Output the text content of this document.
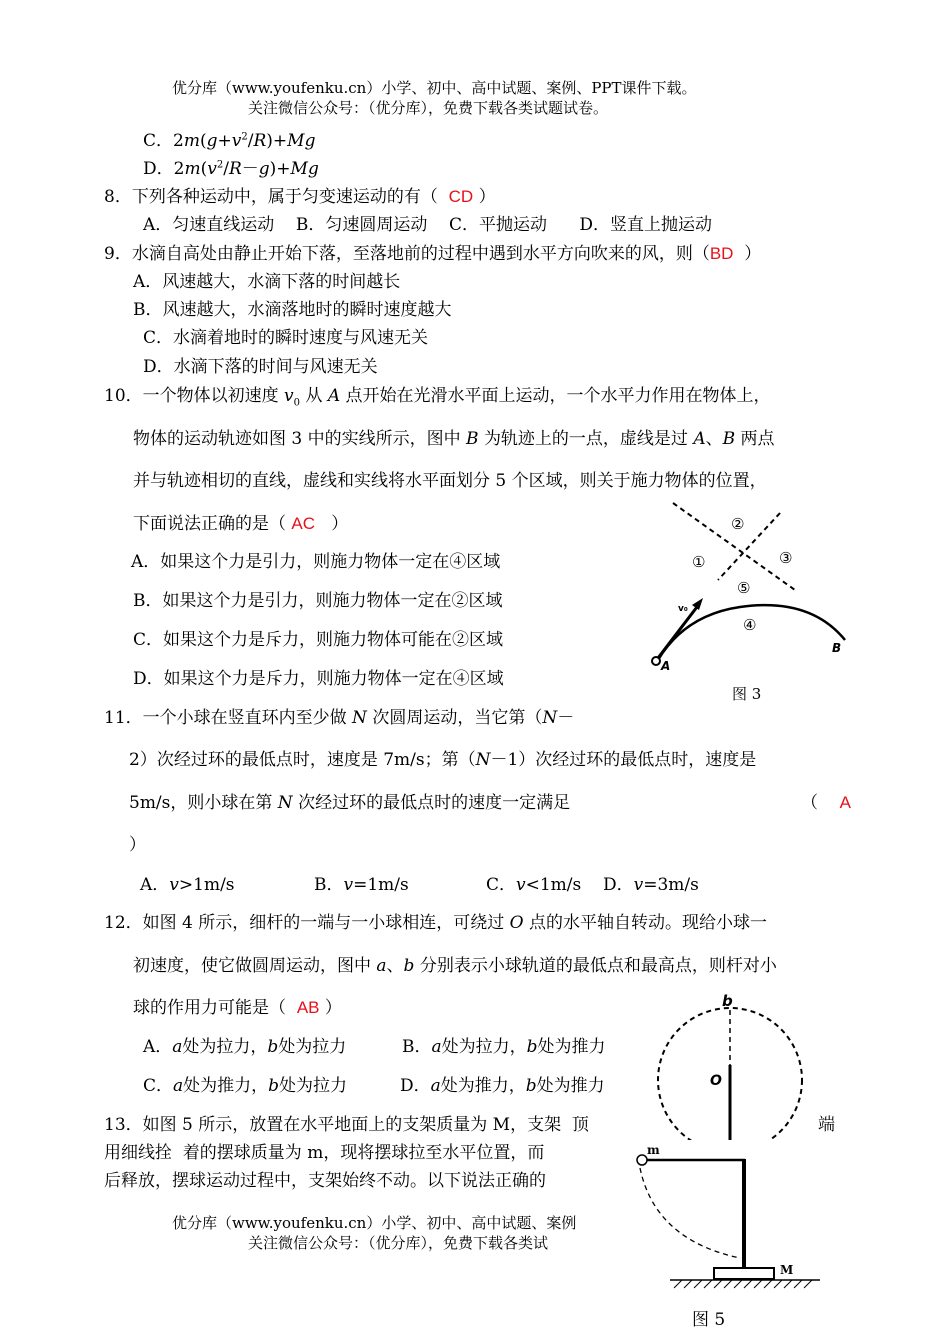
优分库（www.youfenku.cn）小学、初中、高中试题、案例、PPT课件下载。
关注微信公众号：（优分库），免费下载各类试题试卷。
C．$2m(g+v^2/R)+Mg$
D．$2m(v^2/R-g)+Mg$
8．下列各种运动中，属于匀变速运动的有（ CD ）
A．匀速直线运动    B．匀速圆周运动    C．平抛运动      D．竖直上抛运动
9．水滴自高处由静止开始下落，至落地前的过程中遇到水平方向吹来的风，则（BD ）
A．风速越大，水滴下落的时间越长
B．风速越大，水滴落地时的瞬时速度越大
C．水滴着地时的瞬时速度与风速无关
D．水滴下落的时间与风速无关
10．一个物体以初速度 $v_0$ 从 A 点开始在光滑水平面上运动，一个水平力作用在物体上，
物体的运动轨迹如图 3 中的实线所示，图中 B 为轨迹上的一点，虚线是过 A、B 两点
并与轨迹相切的直线，虚线和实线将水平面划分 5 个区域，则关于施力物体的位置，
下面说法正确的是（ AC ）
A．如果这个力是引力，则施力物体一定在④区域
B．如果这个力是引力，则施力物体一定在②区域
C．如果这个力是斥力，则施力物体可能在②区域
D．如果这个力是斥力，则施力物体一定在④区域
A
B
v₀
①
②
③
④
⑤
图 3
11．一个小球在竖直环内至少做 N 次圆周运动，当它第（N－
2）次经过环的最低点时，速度是 7m/s；第（N－1）次经过环的最低点时，速度是
5m/s，则小球在第 N 次经过环的最低点时的速度一定满足	（ A
）
A．v>1m/s	B．v=1m/s	C．v<1m/s D．v=3m/s
12．如图 4 所示，细杆的一端与一小球相连，可绕过 O 点的水平轴自转动。现给小球一
初速度，使它做圆周运动，图中 a、b 分别表示小球轨道的最低点和最高点，则杆对小
球的作用力可能是（ AB ）
A．a处为拉力，b处为拉力	B．a处为拉力，b处为推力
C．a处为推力，b处为拉力	D．a处为推力，b处为推力
b
O
13．如图 5 所示，放置在水平地面上的支架质量为 M，支架 顶	端
用细线拴  着的摆球质量为 m，现将摆球拉至水平位置，而
后释放，摆球运动过程中，支架始终不动。以下说法正确的
m
M
图 5
优分库（www.youfenku.cn）小学、初中、高中试题、案例
关注微信公众号：（优分库），免费下载各类试
